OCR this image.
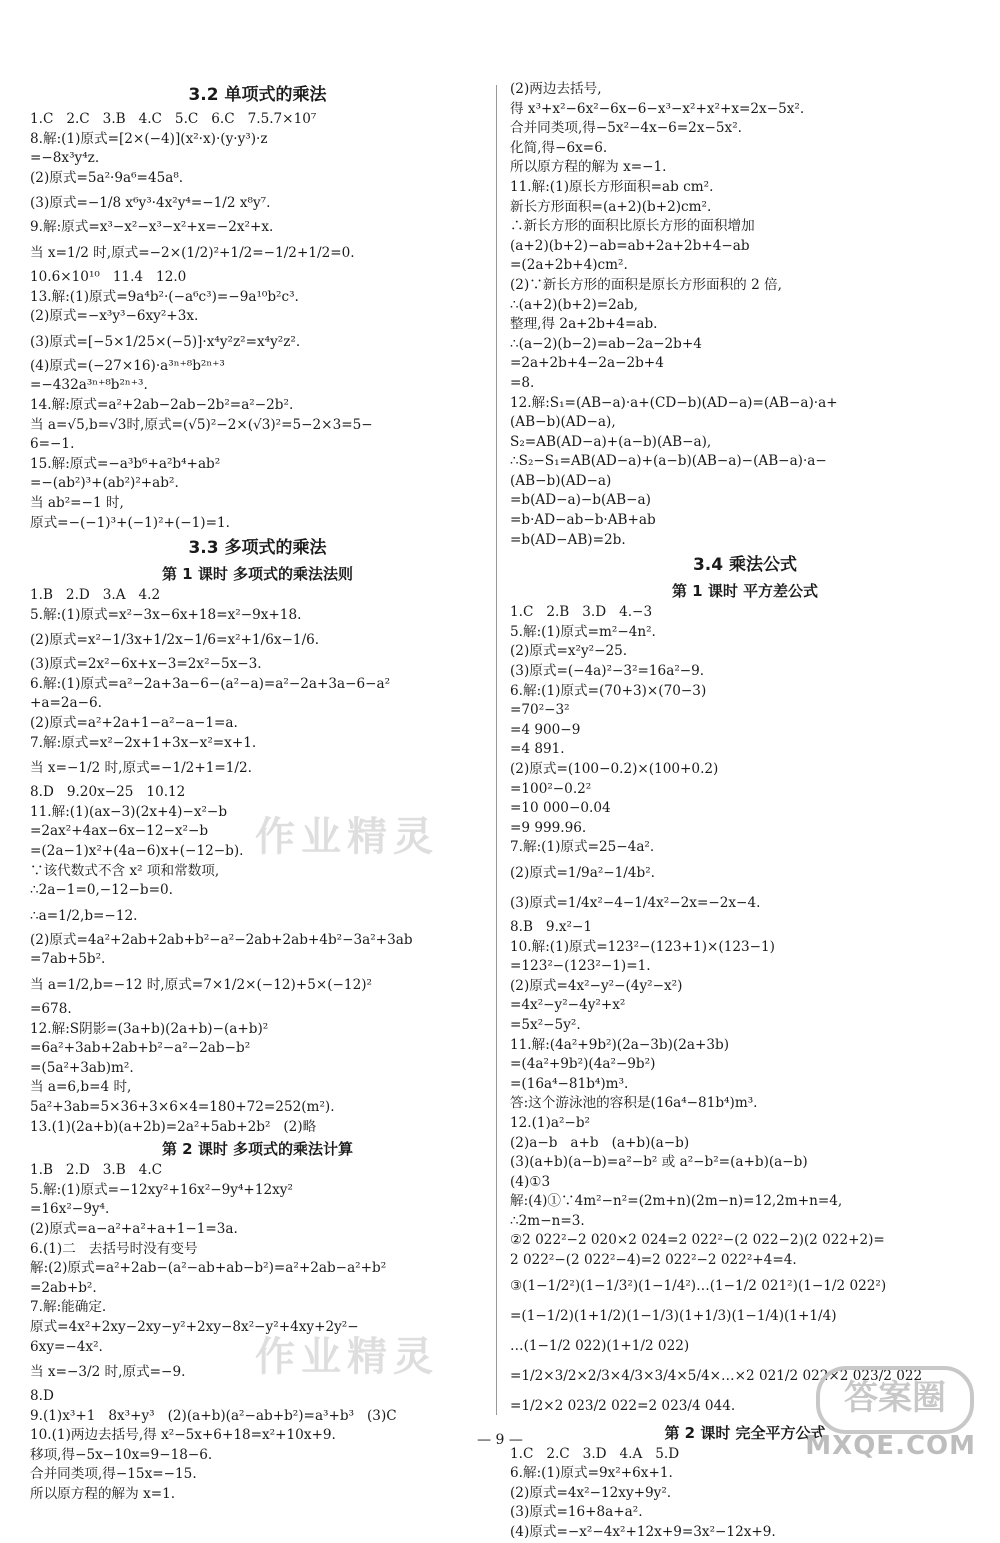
3.2 单项式的乘法
1.C   2.C   3.B   4.C   5.C   6.C   7.5.7×10⁷
8.解:(1)原式=[2×(−4)](x²·x)·(y·y³)·z
=−8x³y⁴z.
(2)原式=5a²·9a⁶=45a⁸.
(3)原式=−1/8 x⁶y³·4x²y⁴=−1/2 x⁸y⁷.
9.解:原式=x³−x²−x³−x²+x=−2x²+x.
当 x=1/2 时,原式=−2×(1/2)²+1/2=−1/2+1/2=0.
10.6×10¹⁰   11.4   12.0
13.解:(1)原式=9a⁴b²·(−a⁶c³)=−9a¹⁰b²c³.
(2)原式=−x³y³−6xy²+3x.
(3)原式=[−5×1/25×(−5)]·x⁴y²z²=x⁴y²z².
(4)原式=(−27×16)·a³ⁿ⁺⁸b²ⁿ⁺³
=−432a³ⁿ⁺⁸b²ⁿ⁺³.
14.解:原式=a²+2ab−2ab−2b²=a²−2b².
当 a=√5,b=√3时,原式=(√5)²−2×(√3)²=5−2×3=5−
6=−1.
15.解:原式=−a³b⁶+a²b⁴+ab²
=−(ab²)³+(ab²)²+ab².
当 ab²=−1 时,
原式=−(−1)³+(−1)²+(−1)=1.
3.3 多项式的乘法
第 1 课时 多项式的乘法法则
1.B   2.D   3.A   4.2
5.解:(1)原式=x²−3x−6x+18=x²−9x+18.
(2)原式=x²−1/3x+1/2x−1/6=x²+1/6x−1/6.
(3)原式=2x²−6x+x−3=2x²−5x−3.
6.解:(1)原式=a²−2a+3a−6−(a²−a)=a²−2a+3a−6−a²
+a=2a−6.
(2)原式=a²+2a+1−a²−a−1=a.
7.解:原式=x²−2x+1+3x−x²=x+1.
当 x=−1/2 时,原式=−1/2+1=1/2.
8.D   9.20x−25   10.12
11.解:(1)(ax−3)(2x+4)−x²−b
=2ax²+4ax−6x−12−x²−b
=(2a−1)x²+(4a−6)x+(−12−b).
∵该代数式不含 x² 项和常数项,
∴2a−1=0,−12−b=0.
∴a=1/2,b=−12.
(2)原式=4a²+2ab+2ab+b²−a²−2ab+2ab+4b²−3a²+3ab
=7ab+5b².
当 a=1/2,b=−12 时,原式=7×1/2×(−12)+5×(−12)²
=678.
12.解:S阴影=(3a+b)(2a+b)−(a+b)²
=6a²+3ab+2ab+b²−a²−2ab−b²
=(5a²+3ab)m².
当 a=6,b=4 时,
5a²+3ab=5×36+3×6×4=180+72=252(m²).
13.(1)(2a+b)(a+2b)=2a²+5ab+2b²   (2)略
第 2 课时 多项式的乘法计算
1.B   2.D   3.B   4.C
5.解:(1)原式=−12xy²+16x²−9y⁴+12xy²
=16x²−9y⁴.
(2)原式=a−a²+a²+a+1−1=3a.
6.(1)二   去括号时没有变号
解:(2)原式=a²+2ab−(a²−ab+ab−b²)=a²+2ab−a²+b²
=2ab+b².
7.解:能确定.
原式=4x²+2xy−2xy−y²+2xy−8x²−y²+4xy+2y²−
6xy=−4x².
当 x=−3/2 时,原式=−9.
8.D
9.(1)x³+1   8x³+y³   (2)(a+b)(a²−ab+b²)=a³+b³   (3)C
10.(1)两边去括号,得 x²−5x+6+18=x²+10x+9.
移项,得−5x−10x=9−18−6.
合并同类项,得−15x=−15.
所以原方程的解为 x=1.
(2)两边去括号,
得 x³+x²−6x²−6x−6−x³−x²+x²+x=2x−5x².
合并同类项,得−5x²−4x−6=2x−5x².
化简,得−6x=6.
所以原方程的解为 x=−1.
11.解:(1)原长方形面积=ab cm².
新长方形面积=(a+2)(b+2)cm².
∴新长方形的面积比原长方形的面积增加
(a+2)(b+2)−ab=ab+2a+2b+4−ab
=(2a+2b+4)cm².
(2)∵新长方形的面积是原长方形面积的 2 倍,
∴(a+2)(b+2)=2ab,
整理,得 2a+2b+4=ab.
∴(a−2)(b−2)=ab−2a−2b+4
=2a+2b+4−2a−2b+4
=8.
12.解:S₁=(AB−a)·a+(CD−b)(AD−a)=(AB−a)·a+
(AB−b)(AD−a),
S₂=AB(AD−a)+(a−b)(AB−a),
∴S₂−S₁=AB(AD−a)+(a−b)(AB−a)−(AB−a)·a−
(AB−b)(AD−a)
=b(AD−a)−b(AB−a)
=b·AD−ab−b·AB+ab
=b(AD−AB)=2b.
3.4 乘法公式
第 1 课时 平方差公式
1.C   2.B   3.D   4.−3
5.解:(1)原式=m²−4n².
(2)原式=x²y²−25.
(3)原式=(−4a)²−3²=16a²−9.
6.解:(1)原式=(70+3)×(70−3)
=70²−3²
=4 900−9
=4 891.
(2)原式=(100−0.2)×(100+0.2)
=100²−0.2²
=10 000−0.04
=9 999.96.
7.解:(1)原式=25−4a².
(2)原式=1/9a²−1/4b².
(3)原式=1/4x²−4−1/4x²−2x=−2x−4.
8.B   9.x²−1
10.解:(1)原式=123²−(123+1)×(123−1)
=123²−(123²−1)=1.
(2)原式=4x²−y²−(4y²−x²)
=4x²−y²−4y²+x²
=5x²−5y².
11.解:(4a²+9b²)(2a−3b)(2a+3b)
=(4a²+9b²)(4a²−9b²)
=(16a⁴−81b⁴)m³.
答:这个游泳池的容积是(16a⁴−81b⁴)m³.
12.(1)a²−b²
(2)a−b   a+b   (a+b)(a−b)
(3)(a+b)(a−b)=a²−b² 或 a²−b²=(a+b)(a−b)
(4)①3
解:(4)①∵4m²−n²=(2m+n)(2m−n)=12,2m+n=4,
∴2m−n=3.
②2 022²−2 020×2 024=2 022²−(2 022−2)(2 022+2)=
2 022²−(2 022²−4)=2 022²−2 022²+4=4.
③(1−1/2²)(1−1/3²)(1−1/4²)…(1−1/2 021²)(1−1/2 022²)
=(1−1/2)(1+1/2)(1−1/3)(1+1/3)(1−1/4)(1+1/4)
…(1−1/2 022)(1+1/2 022)
=1/2×3/2×2/3×4/3×3/4×5/4×…×2 021/2 022×2 023/2 022
=1/2×2 023/2 022=2 023/4 044.
第 2 课时 完全平方公式
1.C   2.C   3.D   4.A   5.D
6.解:(1)原式=9x²+6x+1.
(2)原式=4x²−12xy+9y².
(3)原式=16+8a+a².
(4)原式=−x²−4x²+12x+9=3x²−12x+9.
作业精灵
作业精灵
— 9 —
答案圈
MXQE.COM
